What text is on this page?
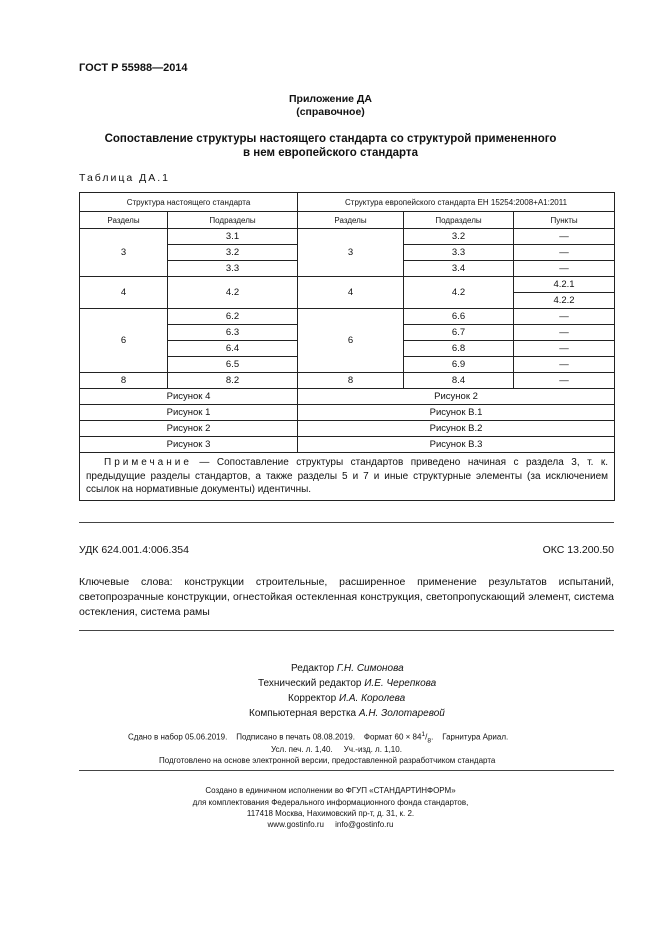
ГОСТ Р 55988—2014
Приложение ДА
(справочное)
Сопоставление структуры настоящего стандарта со структурой примененного
в нем европейского стандарта
Таблица ДА.1
Структура настоящего стандарта		Структура европейского стандарта ЕН 15254:2008+А1:2011		
Разделы	Подразделы	Разделы	Подразделы	Пункты
3	3.1	3	3.2	—
	3.2		3.3	—
	3.3		3.4	—
4	4.2	4	4.2	4.2.1
				4.2.2
6	6.2	6	6.6	—
	6.3		6.7	—
	6.4		6.8	—
	6.5		6.9	—
8	8.2	8	8.4	—
Рисунок 4		Рисунок 2		
Рисунок 1		Рисунок В.1		
Рисунок 2		Рисунок В.2		
Рисунок 3		Рисунок В.3		
Примечание — Сопоставление структуры стандартов приведено начиная с раздела 3, т. к. предыдущие разделы стандартов, а также разделы 5 и 7 и иные структурные элементы (за исключением ссылок на нормативные документы) идентичны.				
УДК 624.001.4:006.354	ОКС 13.200.50
Ключевые слова: конструкции строительные, расширенное применение результатов испытаний, светопрозрачные конструкции, огнестойкая остекленная конструкция, светопропускающий элемент, система остекления, система рамы
Редактор Г.Н. Симонова
Технический редактор И.Е. Черепкова
Корректор И.А. Королева
Компьютерная верстка А.Н. Золотаревой
Сдано в набор 05.06.2019. Подписано в печать 08.08.2019. Формат $60 \times 84^1/_8$.    Гарнитура Ариал.
Усл. печ. л. 1,40.     Уч.-изд. л. 1,10.
Подготовлено на основе электронной версии, предоставленной разработчиком стандарта
Создано в единичном исполнении во ФГУП «СТАНДАРТИНФОРМ»
для комплектования Федерального информационного фонда стандартов,
117418 Москва, Нахимовский пр-т, д. 31, к. 2.
www.gostinfo.ru     info@gostinfo.ru
